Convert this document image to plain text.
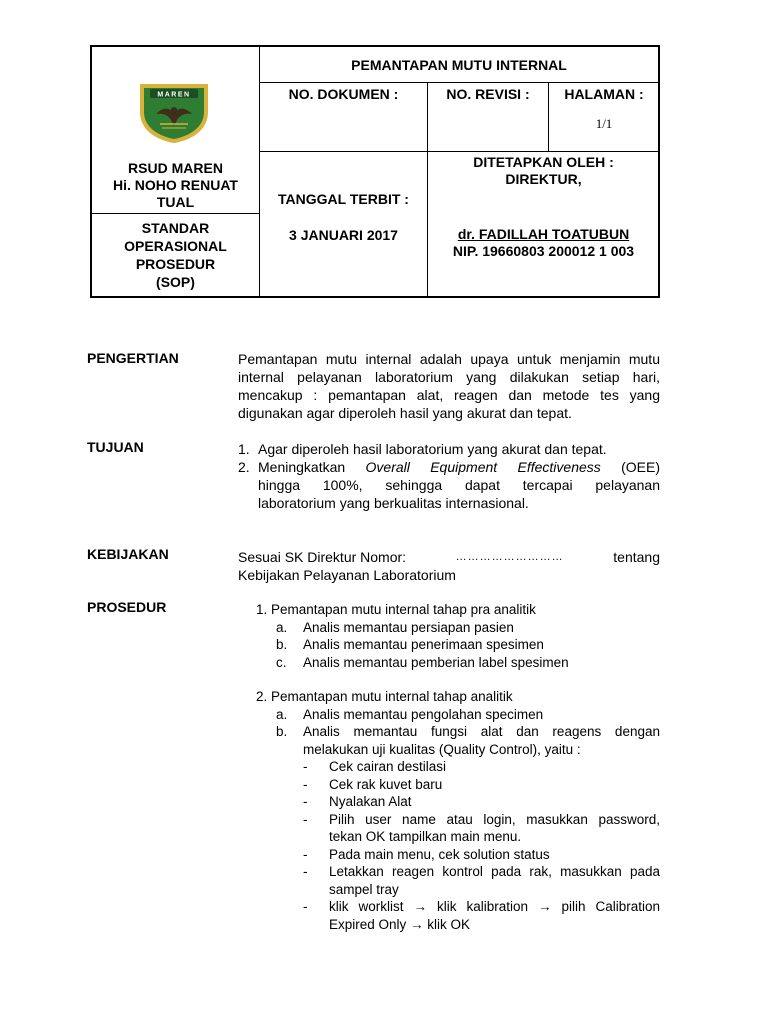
PEMANTAPAN MUTU INTERNAL
NO. DOKUMEN :	NO. REVISI :	HALAMAN :
1/1
MAREN
RSUD MAREN
Hi. NOHO RENUAT
TUAL
STANDAR
OPERASIONAL
PROSEDUR
(SOP)
TANGGAL TERBIT :
3 JANUARI 2017
DITETAPKAN OLEH :
DIREKTUR,
dr. FADILLAH TOATUBUN
NIP. 19660803 200012 1 003
PENGERTIAN	Pemantapan mutu internal adalah upaya untuk menjamin mutu
internal pelayanan laboratorium yang dilakukan setiap hari,
mencakup : pemantapan alat, reagen dan metode tes yang
digunakan agar diperoleh hasil yang akurat dan tepat.
TUJUAN	1. Agar diperoleh hasil laboratorium yang akurat dan tepat.
2. Meningkatkan Overall Equipment Effectiveness (OEE)
hingga 100%, sehingga dapat tercapai pelayanan
laboratorium yang berkualitas internasional.
KEBIJAKAN	Sesuai SK Direktur Nomor:	………………………	tentang
Kebijakan Pelayanan Laboratorium
PROSEDUR	1. Pemantapan mutu internal tahap pra analitik
a. Analis memantau persiapan pasien
b. Analis memantau penerimaan spesimen
c. Analis memantau pemberian label spesimen
2. Pemantapan mutu internal tahap analitik
a. Analis memantau pengolahan specimen
b. Analis memantau fungsi alat dan reagens dengan
melakukan uji kualitas (Quality Control), yaitu :
- Cek cairan destilasi
- Cek rak kuvet baru
- Nyalakan Alat
- Pilih user name atau login, masukkan password,
tekan OK tampilkan main menu.
- Pada main menu, cek solution status
- Letakkan reagen kontrol pada rak, masukkan pada
sampel tray
- klik worklist → klik kalibration → pilih Calibration
Expired Only → klik OK
